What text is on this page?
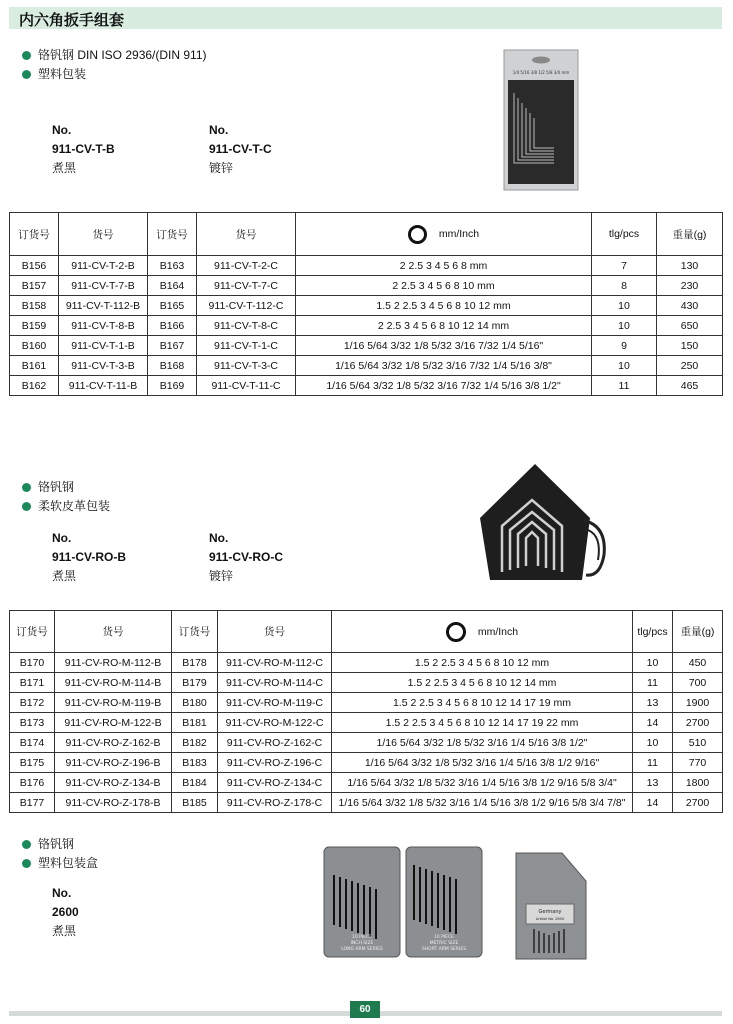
内六角扳手组套
铬钒钢 DIN ISO 2936/(DIN 911)
塑料包装
No.
911-CV-T-B
煮黑
No.
911-CV-T-C
镀锌
1/4 5/16 3/8 1/2 5/8 3/4 mm
订货号	货号	订货号	货号	mm/Inch	tlg/pcs	重量(g)
B156	911-CV-T-2-B	B163	911-CV-T-2-C	2 2.5 3 4 5 6 8 mm	7	130
B157	911-CV-T-7-B	B164	911-CV-T-7-C	2 2.5 3 4 5 6 8 10 mm	8	230
B158	911-CV-T-112-B	B165	911-CV-T-112-C	1.5 2 2.5 3 4 5 6 8 10 12 mm	10	430
B159	911-CV-T-8-B	B166	911-CV-T-8-C	2 2.5 3 4 5 6 8 10 12 14 mm	10	650
B160	911-CV-T-1-B	B167	911-CV-T-1-C	1/16 5/64 3/32 1/8 5/32 3/16 7/32 1/4 5/16"	9	150
B161	911-CV-T-3-B	B168	911-CV-T-3-C	1/16 5/64 3/32 1/8 5/32 3/16 7/32 1/4 5/16 3/8"	10	250
B162	911-CV-T-11-B	B169	911-CV-T-11-C	1/16 5/64 3/32 1/8 5/32 3/16 7/32 1/4 5/16 3/8 1/2"	11	465
铬钒钢
柔软皮革包装
No.
911-CV-RO-B
煮黑
No.
911-CV-RO-C
镀锌
订货号	货号	订货号	货号	mm/Inch	tlg/pcs	重量(g)
B170	911-CV-RO-M-112-B	B178	911-CV-RO-M-112-C	1.5 2 2.5 3 4 5 6 8 10 12 mm	10	450
B171	911-CV-RO-M-114-B	B179	911-CV-RO-M-114-C	1.5 2 2.5 3 4 5 6 8 10 12 14 mm	11	700
B172	911-CV-RO-M-119-B	B180	911-CV-RO-M-119-C	1.5 2 2.5 3 4 5 6 8 10 12 14 17 19 mm	13	1900
B173	911-CV-RO-M-122-B	B181	911-CV-RO-M-122-C	1.5 2 2.5 3 4 5 6 8 10 12 14 17 19 22 mm	14	2700
B174	911-CV-RO-Z-162-B	B182	911-CV-RO-Z-162-C	1/16 5/64 3/32 1/8 5/32 3/16 1/4 5/16 3/8 1/2"	10	510
B175	911-CV-RO-Z-196-B	B183	911-CV-RO-Z-196-C	1/16 5/64 3/32 1/8 5/32 3/16 1/4 5/16 3/8 1/2 9/16"	11	770
B176	911-CV-RO-Z-134-B	B184	911-CV-RO-Z-134-C	1/16 5/64 3/32 1/8 5/32 3/16 1/4 5/16 3/8 1/2 9/16 5/8 3/4"	13	1800
B177	911-CV-RO-Z-178-B	B185	911-CV-RO-Z-178-C	1/16 5/64 3/32 1/8 5/32 3/16 1/4 5/16 3/8 1/2 9/16 5/8 3/4 7/8"	14	2700
铬钒钢
塑料包装盒
No.
2600
煮黑	10 PIECE
INCH SIZE
LONG ARM SERIES
10 PIECE
METRIC SIZE
SHORT ARM SERIES
Germany
Artikel No. 2600
60
